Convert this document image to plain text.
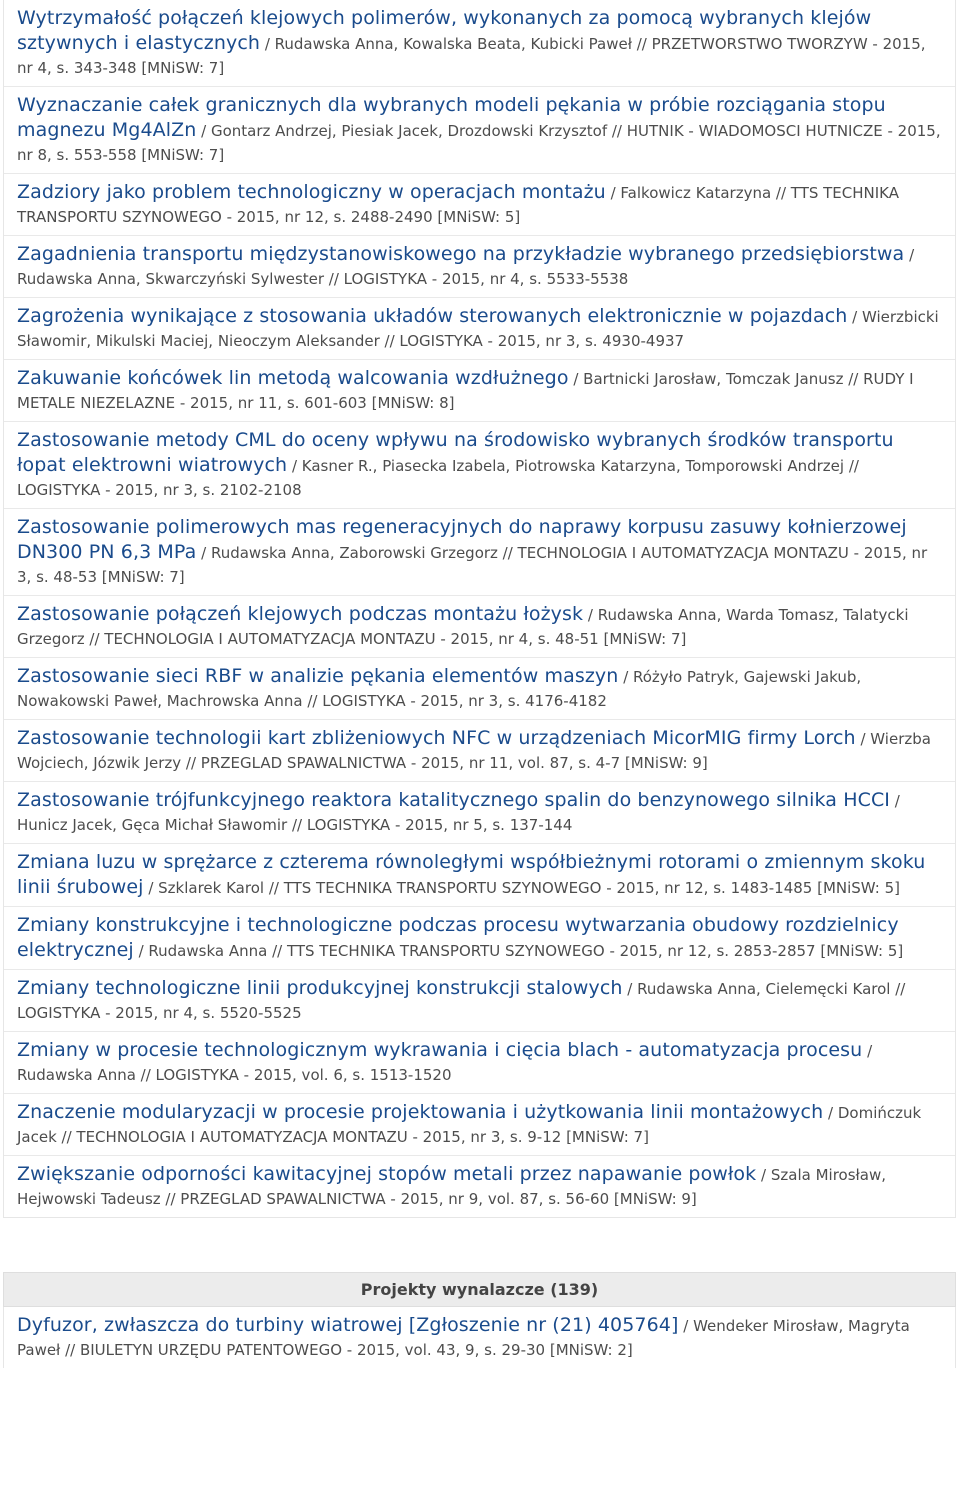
Wytrzymałość połączeń klejowych polimerów, wykonanych za pomocą wybranych klejów sztywnych i elastycznych / Rudawska Anna, Kowalska Beata, Kubicki Paweł // PRZETWORSTWO TWORZYW - 2015, nr 4, s. 343-348 [MNiSW: 7]
Wyznaczanie całek granicznych dla wybranych modeli pękania w próbie rozciągania stopu magnezu Mg4AlZn / Gontarz Andrzej, Piesiak Jacek, Drozdowski Krzysztof // HUTNIK - WIADOMOSCI HUTNICZE - 2015, nr 8, s. 553-558 [MNiSW: 7]
Zadziory jako problem technologiczny w operacjach montażu / Falkowicz Katarzyna // TTS TECHNIKA TRANSPORTU SZYNOWEGO - 2015, nr 12, s. 2488-2490 [MNiSW: 5]
Zagadnienia transportu międzystanowiskowego na przykładzie wybranego przedsiębiorstwa / Rudawska Anna, Skwarczyński Sylwester // LOGISTYKA - 2015, nr 4, s. 5533-5538
Zagrożenia wynikające z stosowania układów sterowanych elektronicznie w pojazdach / Wierzbicki Sławomir, Mikulski Maciej, Nieoczym Aleksander // LOGISTYKA - 2015, nr 3, s. 4930-4937
Zakuwanie końcówek lin metodą walcowania wzdłużnego / Bartnicki Jarosław, Tomczak Janusz // RUDY I METALE NIEZELAZNE - 2015, nr 11, s. 601-603 [MNiSW: 8]
Zastosowanie metody CML do oceny wpływu na środowisko wybranych środków transportu łopat elektrowni wiatrowych / Kasner R., Piasecka Izabela, Piotrowska Katarzyna, Tomporowski Andrzej // LOGISTYKA - 2015, nr 3, s. 2102-2108
Zastosowanie polimerowych mas regeneracyjnych do naprawy korpusu zasuwy kołnierzowej DN300 PN 6,3 MPa / Rudawska Anna, Zaborowski Grzegorz // TECHNOLOGIA I AUTOMATYZACJA MONTAZU - 2015, nr 3, s. 48-53 [MNiSW: 7]
Zastosowanie połączeń klejowych podczas montażu łożysk / Rudawska Anna, Warda Tomasz, Talatycki Grzegorz // TECHNOLOGIA I AUTOMATYZACJA MONTAZU - 2015, nr 4, s. 48-51 [MNiSW: 7]
Zastosowanie sieci RBF w analizie pękania elementów maszyn / Różyło Patryk, Gajewski Jakub, Nowakowski Paweł, Machrowska Anna // LOGISTYKA - 2015, nr 3, s. 4176-4182
Zastosowanie technologii kart zbliżeniowych NFC w urządzeniach MicorMIG firmy Lorch / Wierzba Wojciech, Józwik Jerzy // PRZEGLAD SPAWALNICTWA - 2015, nr 11, vol. 87, s. 4-7 [MNiSW: 9]
Zastosowanie trójfunkcyjnego reaktora katalitycznego spalin do benzynowego silnika HCCI / Hunicz Jacek, Gęca Michał Sławomir // LOGISTYKA - 2015, nr 5, s. 137-144
Zmiana luzu w sprężarce z czterema równoległymi współbieżnymi rotorami o zmiennym skoku linii śrubowej / Szklarek Karol // TTS TECHNIKA TRANSPORTU SZYNOWEGO - 2015, nr 12, s. 1483-1485 [MNiSW: 5]
Zmiany konstrukcyjne i technologiczne podczas procesu wytwarzania obudowy rozdzielnicy elektrycznej / Rudawska Anna // TTS TECHNIKA TRANSPORTU SZYNOWEGO - 2015, nr 12, s. 2853-2857 [MNiSW: 5]
Zmiany technologiczne linii produkcyjnej konstrukcji stalowych / Rudawska Anna, Cielemęcki Karol // LOGISTYKA - 2015, nr 4, s. 5520-5525
Zmiany w procesie technologicznym wykrawania i cięcia blach - automatyzacja procesu / Rudawska Anna // LOGISTYKA - 2015, vol. 6, s. 1513-1520
Znaczenie modularyzacji w procesie projektowania i użytkowania linii montażowych / Domińczuk Jacek // TECHNOLOGIA I AUTOMATYZACJA MONTAZU - 2015, nr 3, s. 9-12 [MNiSW: 7]
Zwiększanie odporności kawitacyjnej stopów metali przez napawanie powłok / Szala Mirosław, Hejwowski Tadeusz // PRZEGLAD SPAWALNICTWA - 2015, nr 9, vol. 87, s. 56-60 [MNiSW: 9]
Projekty wynalazcze (139)
Dyfuzor, zwłaszcza do turbiny wiatrowej [Zgłoszenie nr (21) 405764] / Wendeker Mirosław, Magryta Paweł // BIULETYN URZĘDU PATENTOWEGO - 2015, vol. 43, 9, s. 29-30 [MNiSW: 2]
